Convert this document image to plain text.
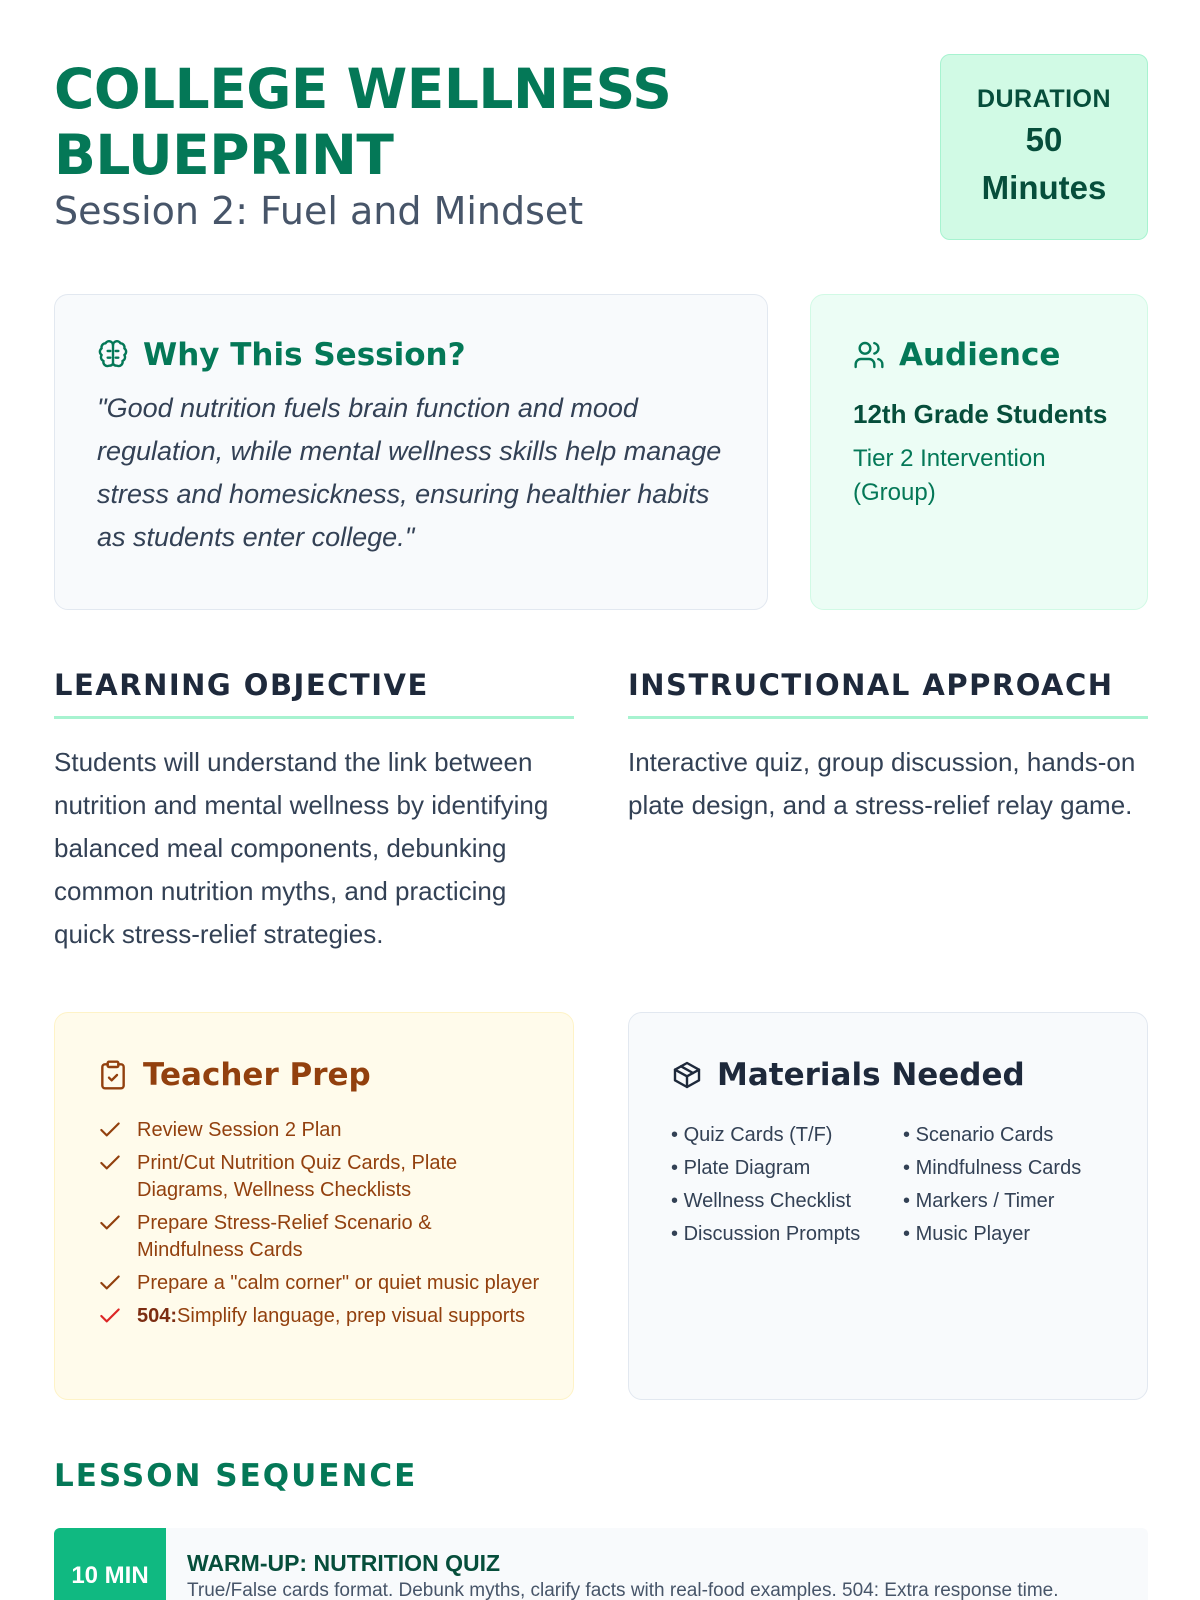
COLLEGE WELLNESS
BLUEPRINT
Session 2: Fuel and Mindset
DURATION
50
Minutes
Why This Session?

"Good nutrition fuels brain function and mood regulation, while mental wellness skills help manage stress and homesickness, ensuring healthier habits as students enter college."

Audience
12th Grade Students
Tier 2 Intervention (Group)
LEARNING OBJECTIVE

Students will understand the link between nutrition and mental wellness by identifying balanced meal components, debunking common nutrition myths, and practicing quick stress-relief strategies.

INSTRUCTIONAL APPROACH

Interactive quiz, group discussion, hands-on plate design, and a stress-relief relay game.

Teacher Prep
Review Session 2 Plan
Print/Cut Nutrition Quiz Cards, Plate Diagrams, Wellness Checklists
Prepare Stress-Relief Scenario & Mindfulness Cards
Prepare a "calm corner" or quiet music player
504:Simplify language, prep visual supports
Materials Needed
• Quiz Cards (T/F)
• Plate Diagram
• Wellness Checklist
• Discussion Prompts
• Scenario Cards
• Mindfulness Cards
• Markers / Timer
• Music Player
LESSON SEQUENCE
10 MIN	WARM-UP: NUTRITION QUIZ
True/False cards format. Debunk myths, clarify facts with real-food examples. 504: Extra response time.
